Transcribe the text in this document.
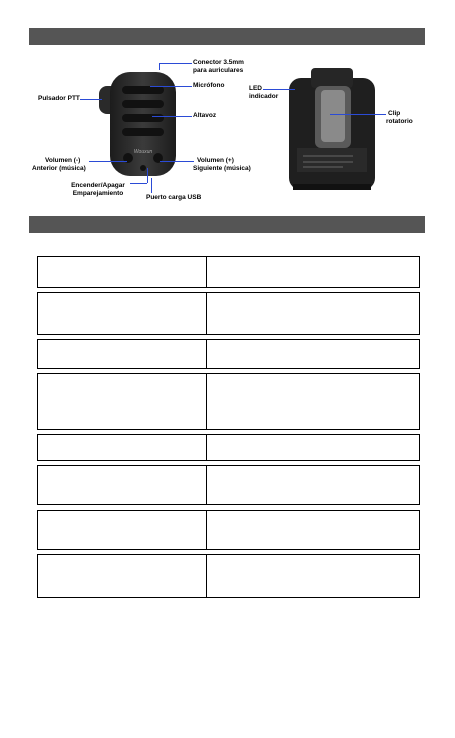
Wouxun
Conector 3.5mm
para auriculares
Micrófono
Pulsador PTT
Altavoz
Volumen (-)
Anterior (música)
Volumen (+)
Siguiente (música)
Encender/Apagar
Emparejamiento
Puerto carga USB
LED
indicador
Clip
rotatorio
